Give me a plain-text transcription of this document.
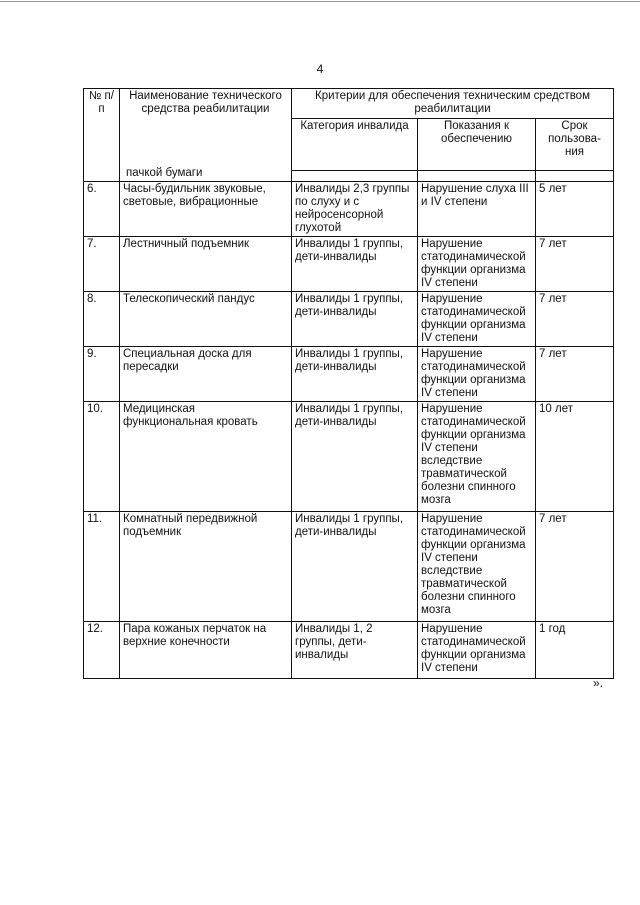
4
№ п/п	Наименование технического средства реабилитации
пачкой бумаги	Критерии для обеспечения техническим средством реабилитации		
		Категория инвалида	Показания к обеспечению	Срок пользова-ния

6.	Часы-будильник звуковые, световые, вибрационные	Инвалиды 2,3 группы по слуху и с нейросенсорной глухотой	Нарушение слуха III и IV степени	5 лет
7.	Лестничный подъемник	Инвалиды 1 группы, дети-инвалиды	Нарушение статодинамической функции организма IV степени	7 лет
8.	Телескопический пандус	Инвалиды 1 группы, дети-инвалиды	Нарушение статодинамической функции организма IV степени	7 лет
9.	Специальная доска для пересадки	Инвалиды 1 группы, дети-инвалиды	Нарушение статодинамической функции организма IV степени	7 лет
10.	Медицинская функциональная кровать	Инвалиды 1 группы, дети-инвалиды	Нарушение статодинамической функции организма IV степени вследствие травматической болезни спинного мозга	10 лет
11.	Комнатный передвижной подъемник	Инвалиды 1 группы, дети-инвалиды	Нарушение статодинамической функции организма IV степени вследствие травматической болезни спинного мозга	7 лет
12.	Пара кожаных перчаток на верхние конечности	Инвалиды 1, 2 группы, дети-инвалиды	Нарушение статодинамической функции организма IV степени	1 год
».
